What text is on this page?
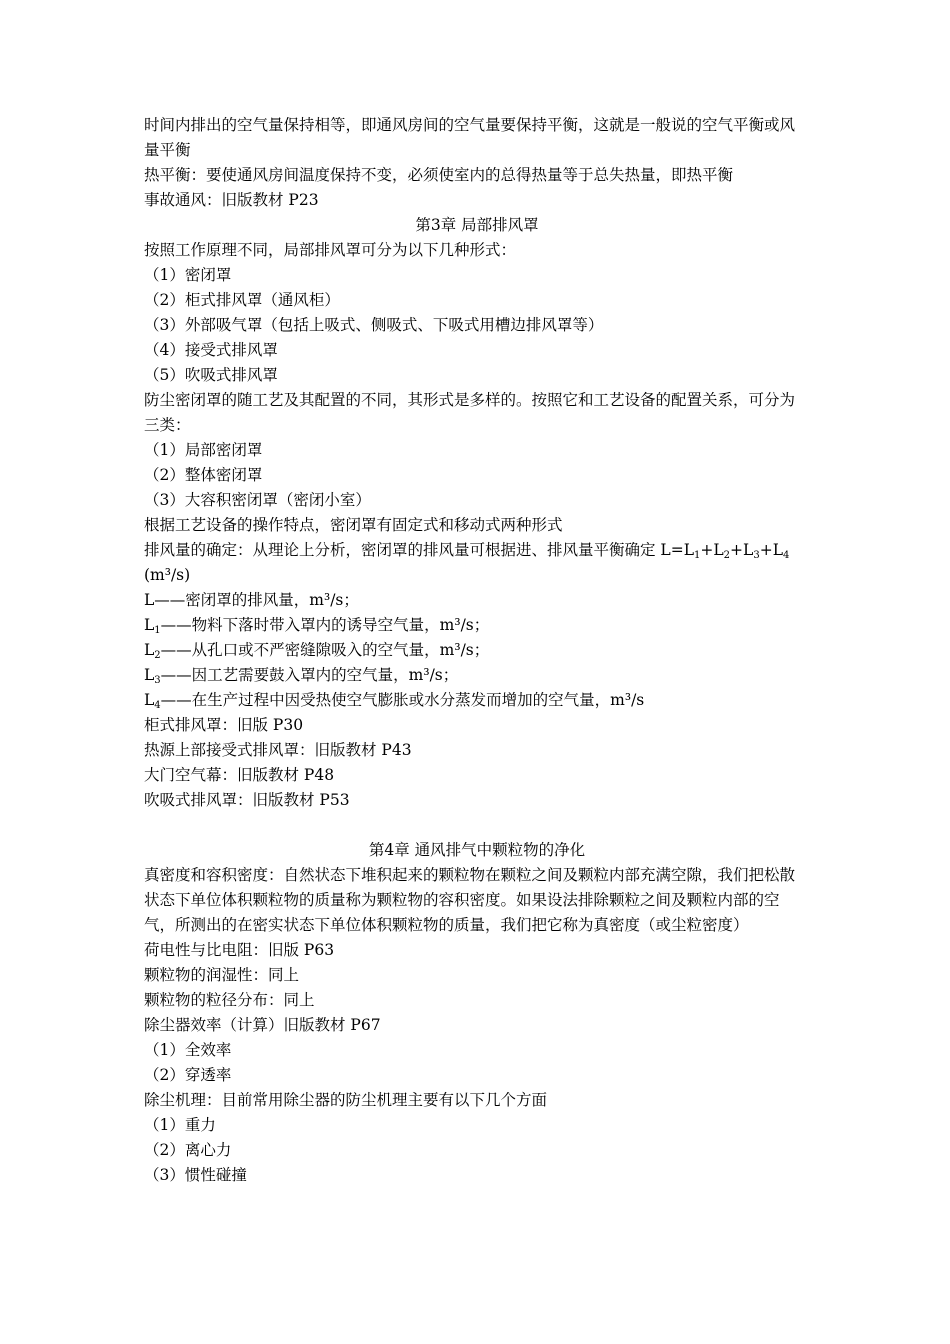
时间内排出的空气量保持相等，即通风房间的空气量要保持平衡，这就是一般说的空气平衡或风量平衡

热平衡：要使通风房间温度保持不变，必须使室内的总得热量等于总失热量，即热平衡

事故通风：旧版教材 P23

第3章 局部排风罩

按照工作原理不同，局部排风罩可分为以下几种形式：

（1）密闭罩

（2）柜式排风罩（通风柜）

（3）外部吸气罩（包括上吸式、侧吸式、下吸式用槽边排风罩等）

（4）接受式排风罩

（5）吹吸式排风罩

防尘密闭罩的随工艺及其配置的不同，其形式是多样的。按照它和工艺设备的配置关系，可分为三类：

（1）局部密闭罩

（2）整体密闭罩

（3）大容积密闭罩（密闭小室）

根据工艺设备的操作特点，密闭罩有固定式和移动式两种形式

排风量的确定：从理论上分析，密闭罩的排风量可根据进、排风量平衡确定 $L=L_1+L_2+L_3+L_4$
(m³/s)

L——密闭罩的排风量，m³/s；

$L_1——$物料下落时带入罩内的诱导空气量，m³/s；

$L_2——$从孔口或不严密缝隙吸入的空气量，m³/s；

$L_3——$因工艺需要鼓入罩内的空气量，m³/s；

$L_4——$在生产过程中因受热使空气膨胀或水分蒸发而增加的空气量，m³/s

柜式排风罩：旧版 P30

热源上部接受式排风罩：旧版教材 P43

大门空气幕：旧版教材 P48

吹吸式排风罩：旧版教材 P53

第4章 通风排气中颗粒物的净化

真密度和容积密度：自然状态下堆积起来的颗粒物在颗粒之间及颗粒内部充满空隙，我们把松散状态下单位体积颗粒物的质量称为颗粒物的容积密度。如果设法排除颗粒之间及颗粒内部的空气，所测出的在密实状态下单位体积颗粒物的质量，我们把它称为真密度（或尘粒密度）

荷电性与比电阻：旧版 P63

颗粒物的润湿性：同上

颗粒物的粒径分布：同上

除尘器效率（计算）旧版教材 P67

（1）全效率

（2）穿透率

除尘机理：目前常用除尘器的防尘机理主要有以下几个方面

（1）重力

（2）离心力

（3）惯性碰撞
